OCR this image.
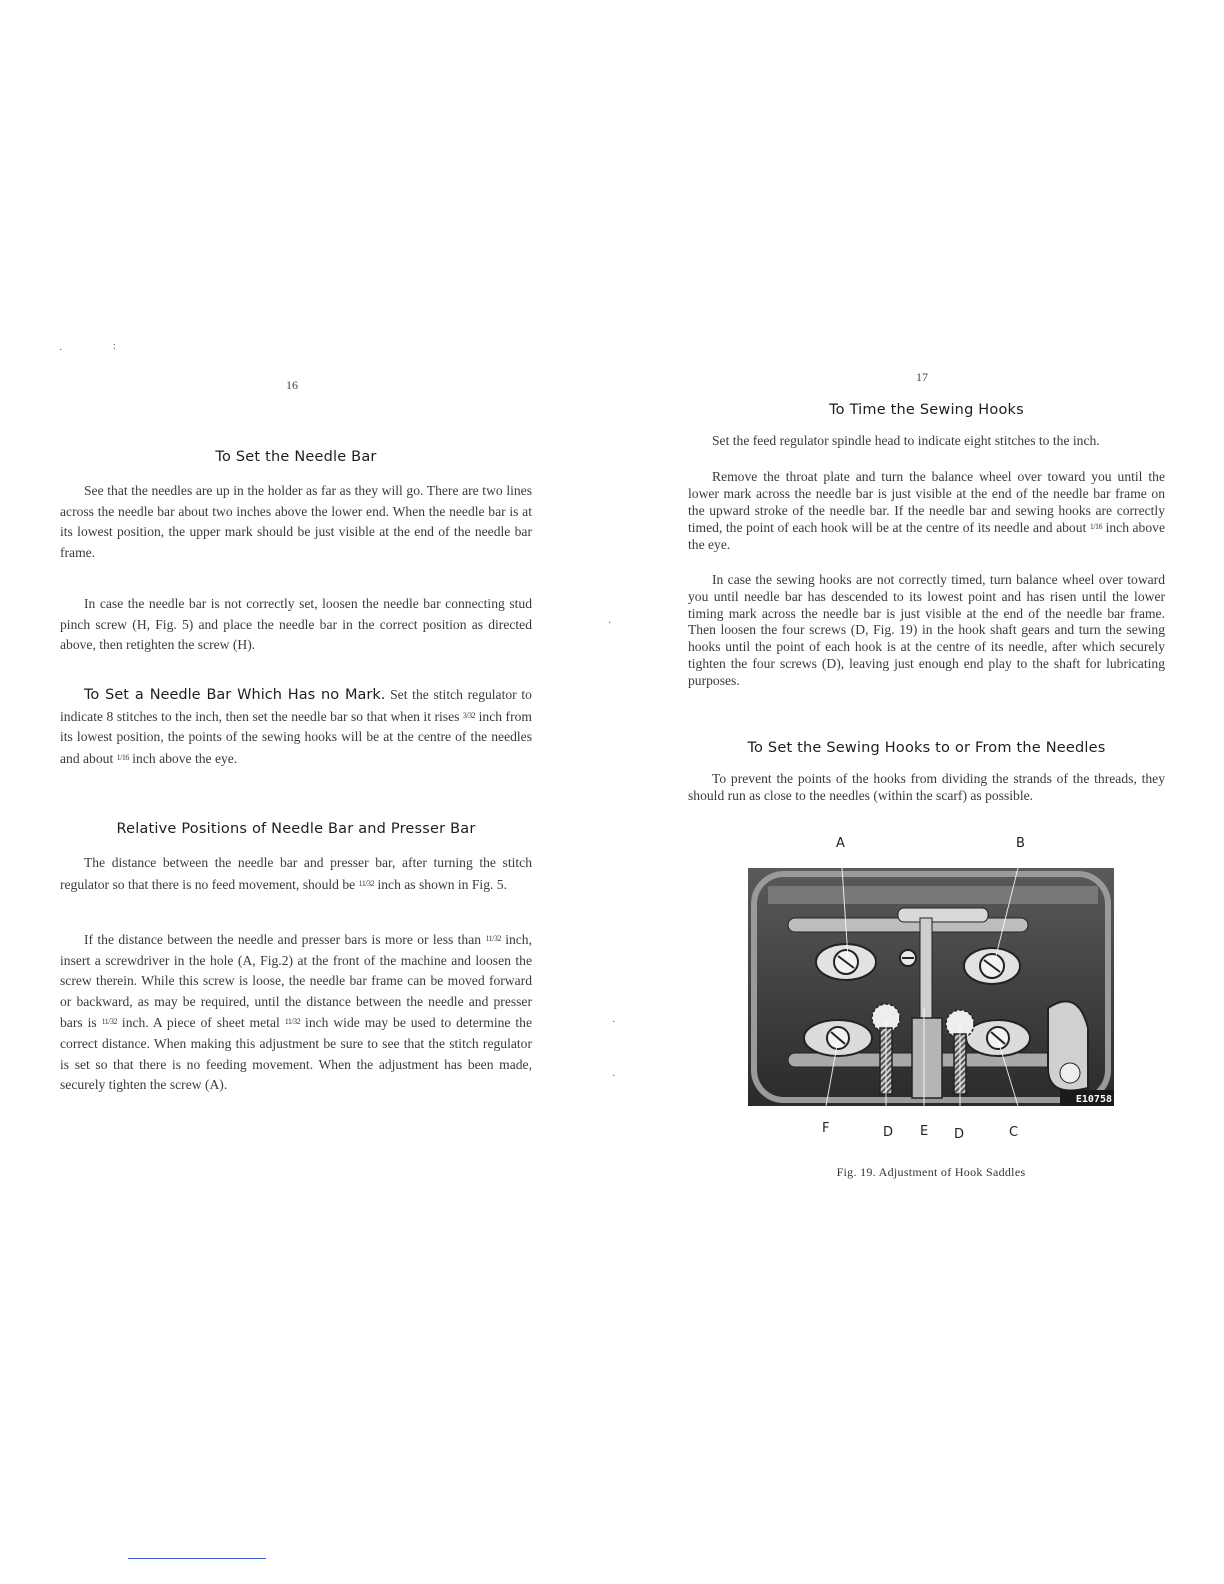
16
To Set the Needle Bar

See that the needles are up in the holder as far as they will go. There are two lines across the needle bar about two inches above the lower end. When the needle bar is at its lowest position, the upper mark should be just visible at the end of the needle bar frame.

In case the needle bar is not correctly set, loosen the needle bar connecting stud pinch screw (H, Fig. 5) and place the needle bar in the correct position as directed above, then retighten the screw (H).

To Set a Needle Bar Which Has no Mark. Set the stitch regulator to indicate 8 stitches to the inch, then set the needle bar so that when it rises $^{3/32}$ inch from its lowest position, the points of the sewing hooks will be at the centre of the needles and about $^{1/16}$ inch above the eye.

Relative Positions of Needle Bar and Presser Bar

The distance between the needle bar and presser bar, after turning the stitch regulator so that there is no feed movement, should be $^{11/32}$ inch as shown in Fig. 5.

If the distance between the needle and presser bars is more or less than $^{11/32}$ inch, insert a screwdriver in the hole (A, Fig.2) at the front of the machine and loosen the screw therein. While this screw is loose, the needle bar frame can be moved forward or backward, as may be required, until the distance between the needle and presser bars is $^{11/32}$ inch. A piece of sheet metal $^{11/32}$ inch wide may be used to determine the correct distance. When making this adjustment be sure to see that the stitch regulator is set so that there is no feeding movement. When the adjustment has been made, securely tighten the screw (A).

·	:
·
·
·
17
To Time the Sewing Hooks

Set the feed regulator spindle head to indicate eight stitches to the inch.

Remove the throat plate and turn the balance wheel over toward you until the lower mark across the needle bar is just visible at the end of the needle bar frame on the upward stroke of the needle bar. If the needle bar and sewing hooks are correctly timed, the point of each hook will be at the centre of its needle and about $^{1/16}$ inch above the eye.

In case the sewing hooks are not correctly timed, turn balance wheel over toward you until needle bar has descended to its lowest point and has risen until the lower timing mark across the needle bar is just visible at the end of the needle bar frame. Then loosen the four screws (D, Fig. 19) in the hook shaft gears and turn the sewing hooks until the point of each hook is at the centre of its needle, after which securely tighten the four screws (D), leaving just enough end play to the shaft for lubricating purposes.

To Set the Sewing Hooks to or From the Needles

To prevent the points of the hooks from dividing the strands of the threads, they should run as close to the needles (within the scarf) as possible.

A	B
E10758
F	D E D	C
Fig. 19. Adjustment of Hook Saddles
